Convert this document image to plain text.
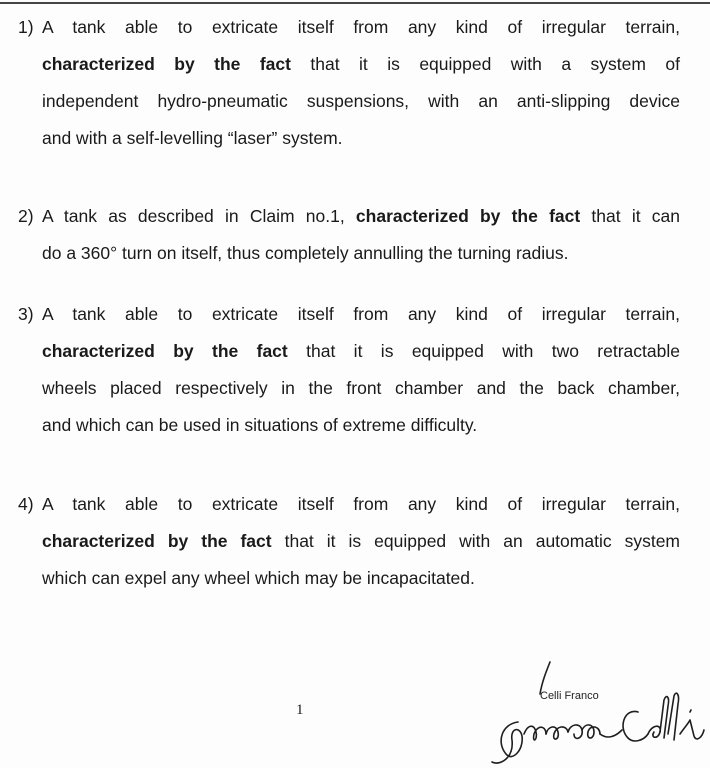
1) A tank able to extricate itself from any kind of irregular terrain,
characterized by the fact that it is equipped with a system of
independent hydro-pneumatic suspensions, with an anti-slipping device
and with a self-levelling “laser” system.
2) A tank as described in Claim no.1, characterized by the fact that it can
do a 360° turn on itself, thus completely annulling the turning radius.
3) A tank able to extricate itself from any kind of irregular terrain,
characterized by the fact that it is equipped with two retractable
wheels placed respectively in the front chamber and the back chamber,
and which can be used in situations of extreme difficulty.
4) A tank able to extricate itself from any kind of irregular terrain,
characterized by the fact that it is equipped with an automatic system
which can expel any wheel which may be incapacitated.
1
Celli Franco
